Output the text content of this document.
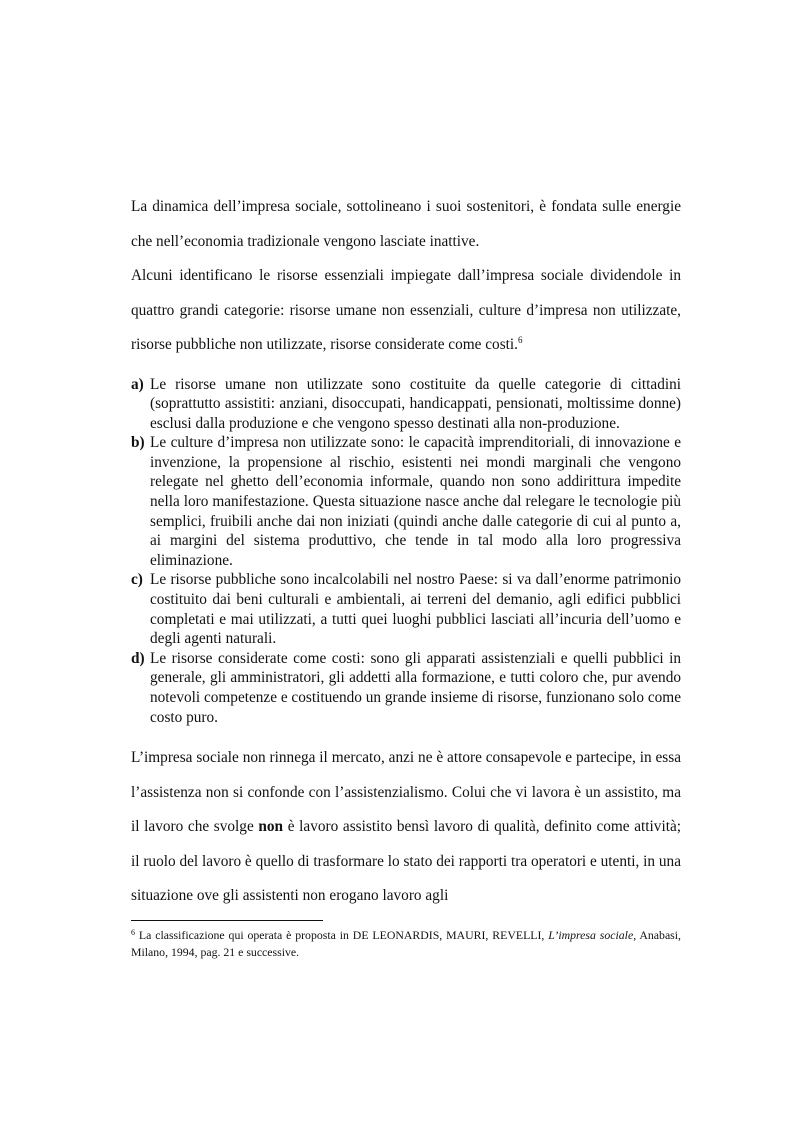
La dinamica dell’impresa sociale, sottolineano i suoi sostenitori, è fondata sulle energie che nell’economia tradizionale vengono lasciate inattive.

Alcuni identificano le risorse essenziali impiegate dall’impresa sociale dividendole in quattro grandi categorie: risorse umane non essenziali, culture d’impresa non utilizzate, risorse pubbliche non utilizzate, risorse considerate come costi.$^6$

a) Le risorse umane non utilizzate sono costituite da quelle categorie di cittadini (soprattutto assistiti: anziani, disoccupati, handicappati, pensionati, moltissime donne) esclusi dalla produzione e che vengono spesso destinati alla non-produzione.
b) Le culture d’impresa non utilizzate sono: le capacità imprenditoriali, di innovazione e invenzione, la propensione al rischio, esistenti nei mondi marginali che vengono relegate nel ghetto dell’economia informale, quando non sono addirittura impedite nella loro manifestazione. Questa situazione nasce anche dal relegare le tecnologie più semplici, fruibili anche dai non iniziati (quindi anche dalle categorie di cui al punto a, ai margini del sistema produttivo, che tende in tal modo alla loro progressiva eliminazione.
c) Le risorse pubbliche sono incalcolabili nel nostro Paese: si va dall’enorme patrimonio costituito dai beni culturali e ambientali, ai terreni del demanio, agli edifici pubblici completati e mai utilizzati, a tutti quei luoghi pubblici lasciati all’incuria dell’uomo e degli agenti naturali.
d) Le risorse considerate come costi: sono gli apparati assistenziali e quelli pubblici in generale, gli amministratori, gli addetti alla formazione, e tutti coloro che, pur avendo notevoli competenze e costituendo un grande insieme di risorse, funzionano solo come costo puro.

L’impresa sociale non rinnega il mercato, anzi ne è attore consapevole e partecipe, in essa l’assistenza non si confonde con l’assistenzialismo. Colui che vi lavora è un assistito, ma il lavoro che svolge non è lavoro assistito bensì lavoro di qualità, definito come attività; il ruolo del lavoro è quello di trasformare lo stato dei rapporti tra operatori e utenti, in una situazione ove gli assistenti non erogano lavoro agli

$^6$ La classificazione qui operata è proposta in DE LEONARDIS, MAURI, REVELLI, L’impresa sociale, Anabasi, Milano, 1994, pag. 21 e successive.
